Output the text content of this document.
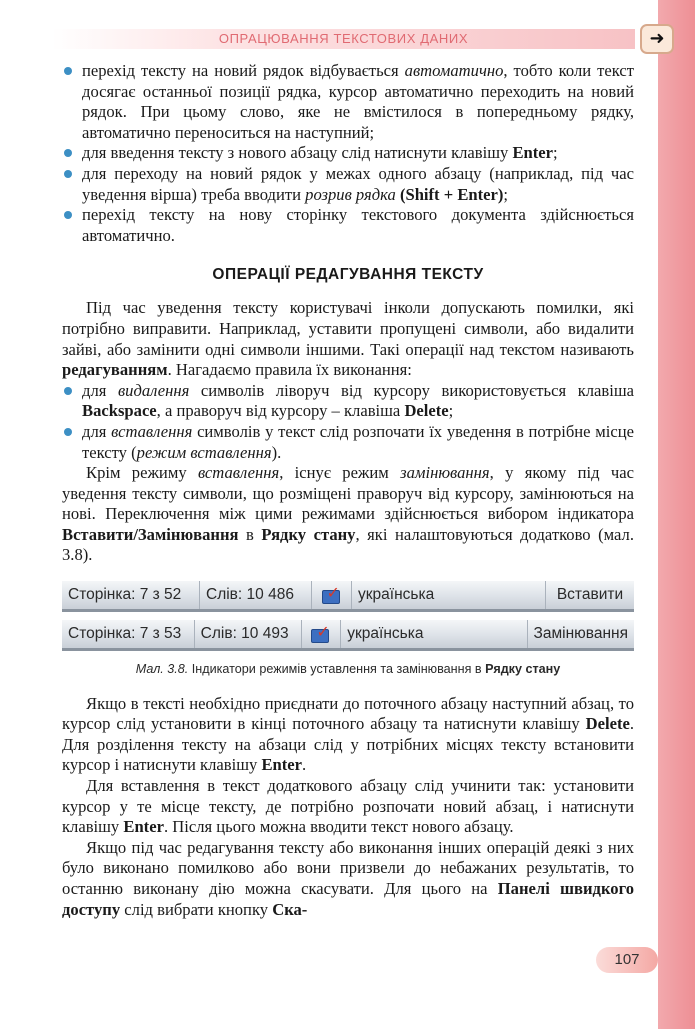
ОПРАЦЮВАННЯ ТЕКСТОВИХ ДАНИХ	➜
перехід тексту на новий рядок відбувається автоматично, тобто коли текст досягає останньої позиції рядка, курсор автоматично переходить на новий рядок. При цьому слово, яке не вмістилося в попередньому рядку, автоматично переноситься на наступний;
для введення тексту з нового абзацу слід натиснути клавішу Enter;
для переходу на новий рядок у межах одного абзацу (наприклад, під час уведення вірша) треба вводити розрив рядка (Shift + Enter);
перехід тексту на нову сторінку текстового документа здійснюється автоматично.
ОПЕРАЦІЇ РЕДАГУВАННЯ ТЕКСТУ

Під час уведення тексту користувачі інколи допускають помилки, які потрібно виправити. Наприклад, уставити пропущені символи, або видалити зайві, або замінити одні символи іншими. Такі операції над текстом називають редагуванням. Нагадаємо правила їх виконання:

для видалення символів ліворуч від курсору використовується клавіша Backspace, а праворуч від курсору – клавіша Delete;
для вставлення символів у текст слід розпочати їх уведення в потрібне місце тексту (режим вставлення).

Крім режиму вставлення, існує режим замінювання, у якому під час уведення тексту символи, що розміщені праворуч від курсору, замінюються на нові. Переключення між цими режимами здійснюється вибором індикатора Вставити/Замінювання в Рядку стану, які налаштовуються додатково (мал. 3.8).

Сторінка: 7 з 52	Слів: 10 486	✓	українська	Вставити
Сторінка: 7 з 53	Слів: 10 493	✓	українська	Замінювання
Мал. 3.8. Індикатори режимів уставлення та замінювання в Рядку стану

Якщо в тексті необхідно приєднати до поточного абзацу наступний абзац, то курсор слід установити в кінці поточного абзацу та натиснути клавішу Delete. Для розділення тексту на абзаци слід у потрібних місцях тексту встановити курсор і натиснути клавішу Enter.

Для вставлення в текст додаткового абзацу слід учинити так: установити курсор у те місце тексту, де потрібно розпочати новий абзац, і натиснути клавішу Enter. Після цього можна вводити текст нового абзацу.

Якщо під час редагування тексту або виконання інших операцій деякі з них було виконано помилково або вони призвели до небажаних результатів, то останню виконану дію можна скасувати. Для цього на Панелі швидкого доступу слід вибрати кнопку Ска-

107
